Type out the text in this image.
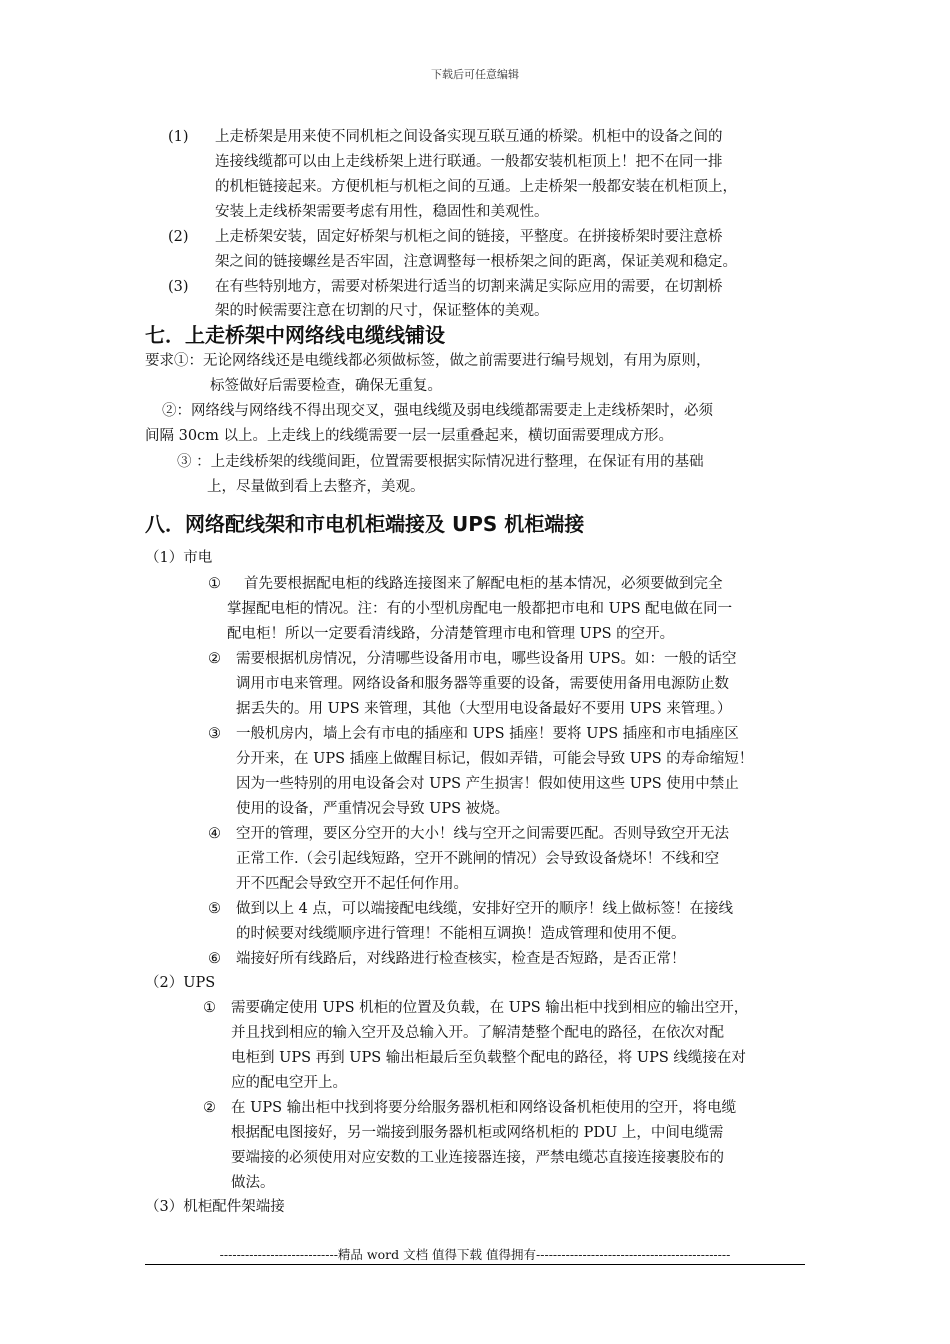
下载后可任意编辑
(1) 上走桥架是用来使不同机柜之间设备实现互联互通的桥梁。机柜中的设备之间的
连接线缆都可以由上走线桥架上进行联通。一般都安装机柜顶上！把不在同一排
的机柜链接起来。方便机柜与机柜之间的互通。上走桥架一般都安装在机柜顶上，
安装上走线桥架需要考虑有用性，稳固性和美观性。
(2) 上走桥架安装，固定好桥架与机柜之间的链接，平整度。在拼接桥架时要注意桥
架之间的链接螺丝是否牢固，注意调整每一根桥架之间的距离，保证美观和稳定。
(3) 在有些特别地方，需要对桥架进行适当的切割来满足实际应用的需要，在切割桥
架的时候需要注意在切割的尺寸，保证整体的美观。
七．上走桥架中网络线电缆线铺设
要求①：无论网络线还是电缆线都必须做标签，做之前需要进行编号规划，有用为原则，
标签做好后需要检查，确保无重复。
②：网络线与网络线不得出现交叉，强电线缆及弱电线缆都需要走上走线桥架时，必须
间隔 30cm 以上。上走线上的线缆需要一层一层重叠起来，横切面需要理成方形。
③ ：上走线桥架的线缆间距，位置需要根据实际情况进行整理，在保证有用的基础
上，尽量做到看上去整齐，美观。
八．网络配线架和市电机柜端接及 UPS 机柜端接
（1）市电
① 首先要根据配电柜的线路连接图来了解配电柜的基本情况，必须要做到完全
掌握配电柜的情况。注：有的小型机房配电一般都把市电和 UPS 配电做在同一
配电柜！所以一定要看清线路，分清楚管理市电和管理 UPS 的空开。
② 需要根据机房情况，分清哪些设备用市电，哪些设备用 UPS。如：一般的话空
调用市电来管理。网络设备和服务器等重要的设备，需要使用备用电源防止数
据丢失的。用 UPS 来管理，其他（大型用电设备最好不要用 UPS 来管理。）
③ 一般机房内，墙上会有市电的插座和 UPS 插座！要将 UPS 插座和市电插座区
分开来，在 UPS 插座上做醒目标记，假如弄错，可能会导致 UPS 的寿命缩短！
因为一些特别的用电设备会对 UPS 产生损害！假如使用这些 UPS 使用中禁止
使用的设备，严重情况会导致 UPS 被烧。
④ 空开的管理，要区分空开的大小！线与空开之间需要匹配。否则导致空开无法
正常工作.（会引起线短路，空开不跳闸的情况）会导致设备烧坏！不线和空
开不匹配会导致空开不起任何作用。
⑤ 做到以上 4 点，可以端接配电线缆，安排好空开的顺序！线上做标签！在接线
的时候要对线缆顺序进行管理！不能相互调换！造成管理和使用不便。
⑥ 端接好所有线路后，对线路进行检查核实，检查是否短路，是否正常！
（2）UPS
① 需要确定使用 UPS 机柜的位置及负载，在 UPS 输出柜中找到相应的输出空开，
并且找到相应的输入空开及总输入开。了解清楚整个配电的路径，在依次对配
电柜到 UPS 再到 UPS 输出柜最后至负载整个配电的路径，将 UPS 线缆接在对
应的配电空开上。
② 在 UPS 输出柜中找到将要分给服务器机柜和网络设备机柜使用的空开，将电缆
根据配电图接好，另一端接到服务器机柜或网络机柜的 PDU 上，中间电缆需
要端接的必须使用对应安数的工业连接器连接，严禁电缆芯直接连接裹胶布的
做法。
（3）机柜配件架端接
----------------------------精品 word 文档 值得下载 值得拥有----------------------------------------------
